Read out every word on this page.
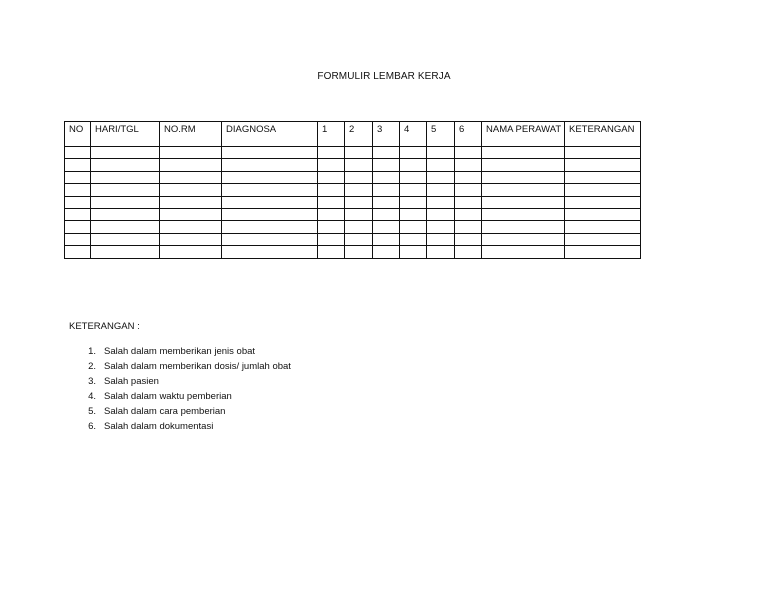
FORMULIR LEMBAR KERJA
NO	HARI/TGL	NO.RM	DIAGNOSA	1	2	3	4	5	6	NAMA PERAWAT	KETERANGAN

KETERANGAN :
1. Salah dalam memberikan jenis obat
2. Salah dalam memberikan dosis/ jumlah obat
3. Salah pasien
4. Salah dalam waktu pemberian
5. Salah dalam cara pemberian
6. Salah dalam dokumentasi
